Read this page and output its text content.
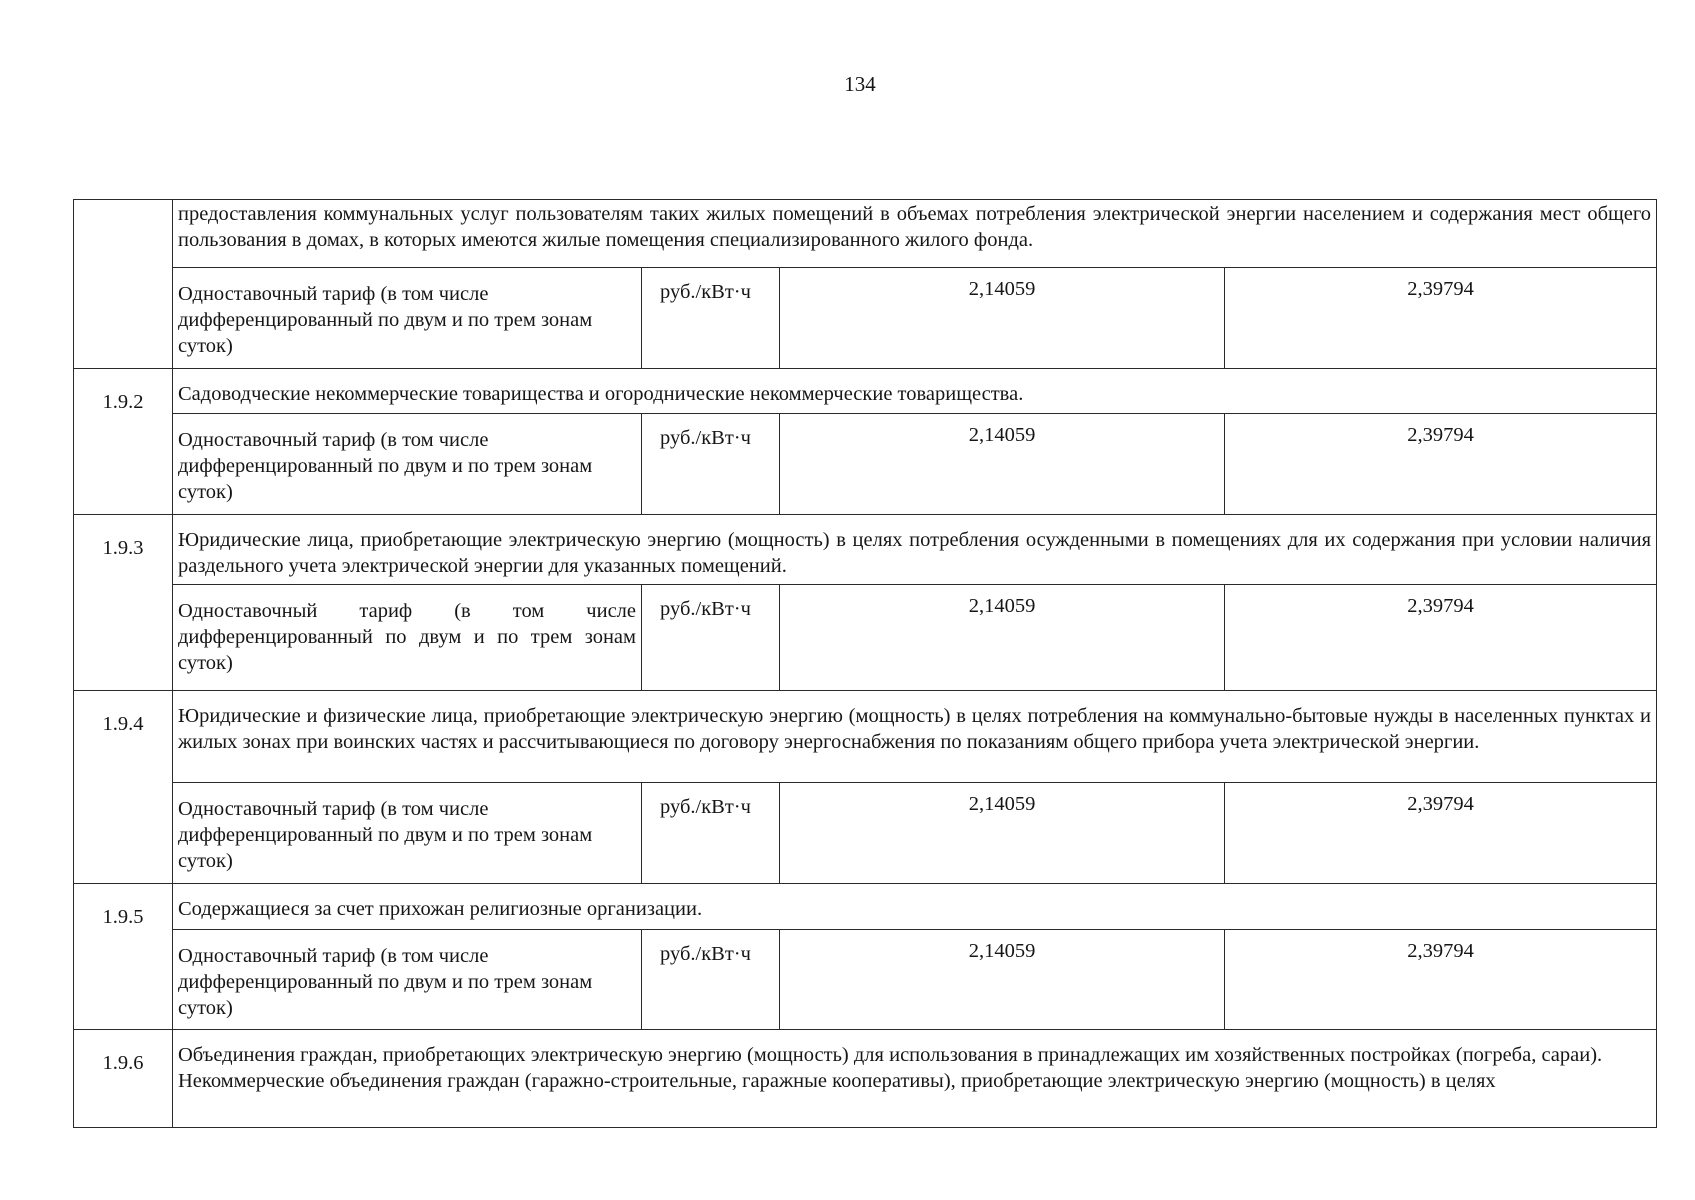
134
	предоставления коммунальных услуг пользователям таких жилых помещений в объемах потребления электрической энергии населением и содержания мест общего пользования в домах, в которых имеются жилые помещения специализированного жилого фонда.			
	Одноставочный тариф (в том числе дифференцированный по двум и по трем зонам суток)	руб./кВт·ч	2,14059	2,39794
1.9.2	Садоводческие некоммерческие товарищества и огороднические некоммерческие товарищества.			
	Одноставочный тариф (в том числе дифференцированный по двум и по трем зонам суток)	руб./кВт·ч	2,14059	2,39794
1.9.3	Юридические лица, приобретающие электрическую энергию (мощность) в целях потребления осужденными в помещениях для их содержания при условии наличия раздельного учета электрической энергии для указанных помещений.			
	Одноставочный тариф (в том числе дифференцированный по двум и по трем зонам суток)	руб./кВт·ч	2,14059	2,39794
1.9.4	Юридические и физические лица, приобретающие электрическую энергию (мощность) в целях потребления на коммунально-бытовые нужды в населенных пунктах и жилых зонах при воинских частях и рассчитывающиеся по договору энергоснабжения по показаниям общего прибора учета электрической энергии.			
	Одноставочный тариф (в том числе дифференцированный по двум и по трем зонам суток)	руб./кВт·ч	2,14059	2,39794
1.9.5	Содержащиеся за счет прихожан религиозные организации.			
	Одноставочный тариф (в том числе дифференцированный по двум и по трем зонам суток)	руб./кВт·ч	2,14059	2,39794
1.9.6	Объединения граждан, приобретающих электрическую энергию (мощность) для использования в принадлежащих им хозяйственных постройках (погреба, сараи).
Некоммерческие объединения граждан (гаражно-строительные, гаражные кооперативы), приобретающие электрическую энергию (мощность) в целях			
